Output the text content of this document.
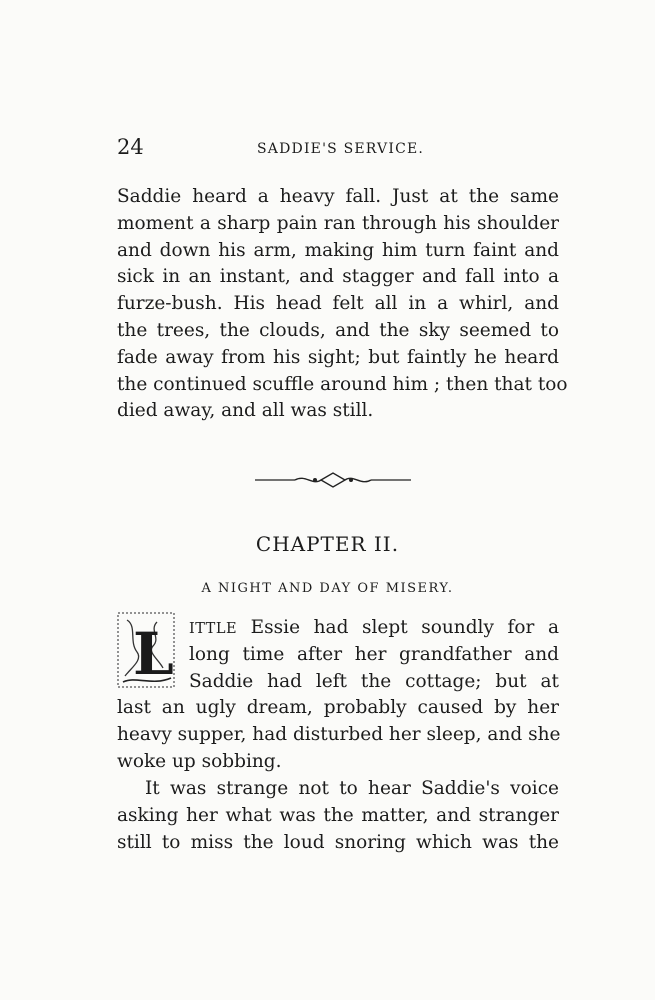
24	SADDIE'S SERVICE.
Saddie heard a heavy fall. Just at the same
moment a sharp pain ran through his shoulder
and down his arm, making him turn faint and
sick in an instant, and stagger and fall into a
furze-bush. His head felt all in a whirl, and
the trees, the clouds, and the sky seemed to
fade away from his sight; but faintly he heard
the continued scuffle around him ; then that too
died away, and all was still.
CHAPTER II.
A NIGHT AND DAY OF MISERY.
L ITTLE Essie had slept soundly for a
long time after her grandfather and
Saddie had left the cottage; but at
last an ugly dream, probably caused by her
heavy supper, had disturbed her sleep, and she
woke up sobbing.
It was strange not to hear Saddie's voice
asking her what was the matter, and stranger
still to miss the loud snoring which was the
